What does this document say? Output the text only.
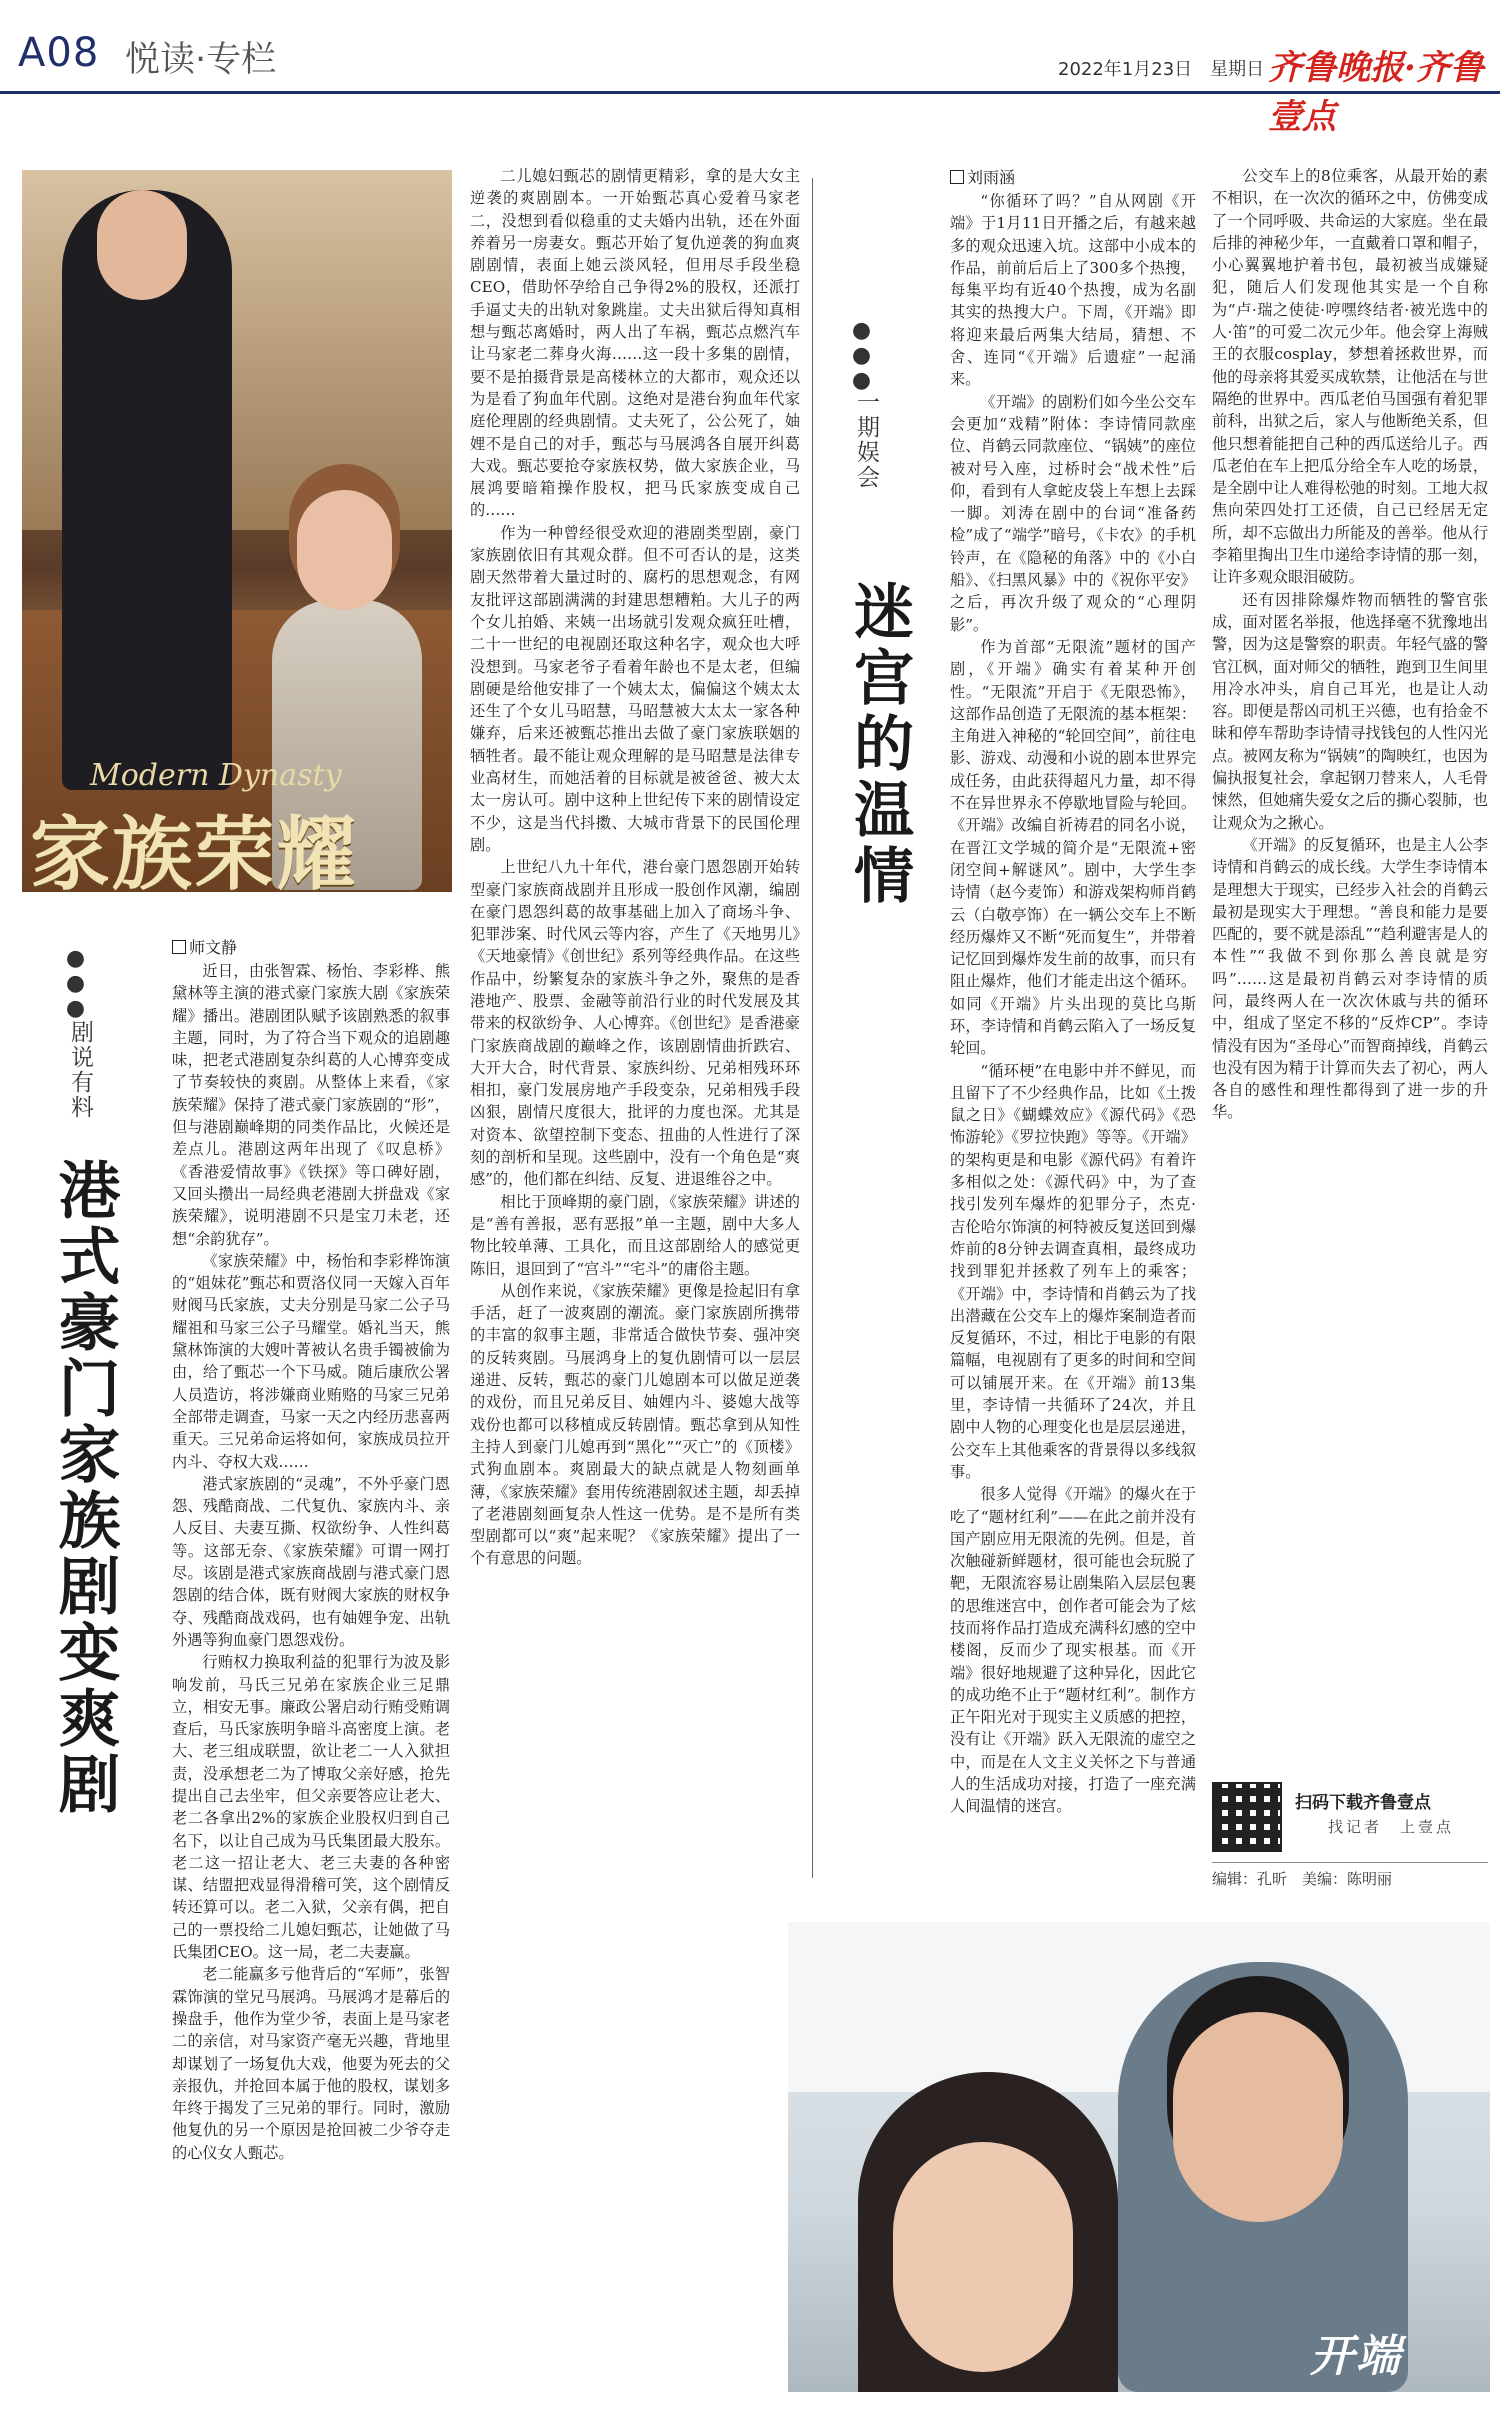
A08 悦读·专栏	2022年1月23日　星期日 齐鲁晚报·齐鲁壹点
Modern Dynasty
家族荣耀
●●●
剧说有料
港式豪门家族剧变爽剧
师文静

近日，由张智霖、杨怡、李彩桦、熊黛林等主演的港式豪门家族大剧《家族荣耀》播出。港剧团队赋予该剧熟悉的叙事主题，同时，为了符合当下观众的追剧趣味，把老式港剧复杂纠葛的人心博弈变成了节奏较快的爽剧。从整体上来看，《家族荣耀》保持了港式豪门家族剧的“形”，但与港剧巅峰期的同类作品比，火候还是差点儿。港剧这两年出现了《叹息桥》《香港爱情故事》《铁探》等口碑好剧，又回头攒出一局经典老港剧大拼盘戏《家族荣耀》，说明港剧不只是宝刀未老，还想“余韵犹存”。

《家族荣耀》中，杨怡和李彩桦饰演的“姐妹花”甄芯和贾洛仪同一天嫁入百年财阀马氏家族，丈夫分别是马家二公子马耀祖和马家三公子马耀堂。婚礼当天，熊黛林饰演的大嫂叶菁被认名贵手镯被偷为由，给了甄芯一个下马威。随后康欣公署人员造访，将涉嫌商业贿赂的马家三兄弟全部带走调查，马家一天之内经历悲喜两重天。三兄弟命运将如何，家族成员拉开内斗、夺权大戏……

港式家族剧的“灵魂”，不外乎豪门恩怨、残酷商战、二代复仇、家族内斗、亲人反目、夫妻互撕、权欲纷争、人性纠葛等。这部无奈、《家族荣耀》可谓一网打尽。该剧是港式家族商战剧与港式豪门恩怨剧的结合体，既有财阀大家族的财权争夺、残酷商战戏码，也有妯娌争宠、出轨外遇等狗血豪门恩怨戏份。

行贿权力换取利益的犯罪行为波及影响发前，马氏三兄弟在家族企业三足鼎立，相安无事。廉政公署启动行贿受贿调查后，马氏家族明争暗斗高密度上演。老大、老三组成联盟，欲让老二一人入狱担责，没承想老二为了博取父亲好感，抢先提出自己去坐牢，但父亲要答应让老大、老二各拿出2%的家族企业股权归到自己名下，以让自己成为马氏集团最大股东。老二这一招让老大、老三夫妻的各种密谋、结盟把戏显得滑稽可笑，这个剧情反转还算可以。老二入狱，父亲有偶，把自己的一票投给二儿媳妇甄芯，让她做了马氏集团CEO。这一局，老二夫妻赢。

老二能赢多亏他背后的“军师”，张智霖饰演的堂兄马展鸿。马展鸿才是幕后的操盘手，他作为堂少爷，表面上是马家老二的亲信，对马家资产毫无兴趣，背地里却谋划了一场复仇大戏，他要为死去的父亲报仇，并抢回本属于他的股权，谋划多年终于揭发了三兄弟的罪行。同时，激励他复仇的另一个原因是抢回被二少爷夺走的心仪女人甄芯。

二儿媳妇甄芯的剧情更精彩，拿的是大女主逆袭的爽剧剧本。一开始甄芯真心爱着马家老二，没想到看似稳重的丈夫婚内出轨，还在外面养着另一房妻女。甄芯开始了复仇逆袭的狗血爽剧剧情，表面上她云淡风轻，但用尽手段坐稳CEO，借助怀孕给自己争得2%的股权，还派打手逼丈夫的出轨对象跳崖。丈夫出狱后得知真相想与甄芯离婚时，两人出了车祸，甄芯点燃汽车让马家老二葬身火海……这一段十多集的剧情，要不是拍摄背景是高楼林立的大都市，观众还以为是看了狗血年代剧。这绝对是港台狗血年代家庭伦理剧的经典剧情。丈夫死了，公公死了，妯娌不是自己的对手，甄芯与马展鸿各自展开纠葛大戏。甄芯要抢夺家族权势，做大家族企业，马展鸿要暗箱操作股权，把马氏家族变成自己的……

作为一种曾经很受欢迎的港剧类型剧，豪门家族剧依旧有其观众群。但不可否认的是，这类剧天然带着大量过时的、腐朽的思想观念，有网友批评这部剧满满的封建思想糟粕。大儿子的两个女儿拍婚、来姨一出场就引发观众疯狂吐槽，二十一世纪的电视剧还取这种名字，观众也大呼没想到。马家老爷子看着年龄也不是太老，但编剧硬是给他安排了一个姨太太，偏偏这个姨太太还生了个女儿马昭慧，马昭慧被大太太一家各种嫌弃，后来还被甄芯推出去做了豪门家族联姻的牺牲者。最不能让观众理解的是马昭慧是法律专业高材生，而她活着的目标就是被爸爸、被大太太一房认可。剧中这种上世纪传下来的剧情设定不少，这是当代抖擞、大城市背景下的民国伦理剧。

上世纪八九十年代，港台豪门恩怨剧开始转型豪门家族商战剧并且形成一股创作风潮，编剧在豪门恩怨纠葛的故事基础上加入了商场斗争、犯罪涉案、时代风云等内容，产生了《天地男儿》《天地豪情》《创世纪》系列等经典作品。在这些作品中，纷繁复杂的家族斗争之外，聚焦的是香港地产、股票、金融等前沿行业的时代发展及其带来的权欲纷争、人心博弈。《创世纪》是香港豪门家族商战剧的巅峰之作，该剧剧情曲折跌宕、大开大合，时代背景、家族纠纷、兄弟相残环环相扣，豪门发展房地产手段变杂，兄弟相残手段凶狠，剧情尺度很大，批评的力度也深。尤其是对资本、欲望控制下变态、扭曲的人性进行了深刻的剖析和呈现。这些剧中，没有一个角色是“爽感”的，他们都在纠结、反复、进退维谷之中。

相比于顶峰期的豪门剧，《家族荣耀》讲述的是“善有善报，恶有恶报”单一主题，剧中大多人物比较单薄、工具化，而且这部剧给人的感觉更陈旧，退回到了“宫斗”“宅斗”的庸俗主题。

从创作来说，《家族荣耀》更像是捡起旧有拿手活，赶了一波爽剧的潮流。豪门家族剧所携带的丰富的叙事主题，非常适合做快节奏、强冲突的反转爽剧。马展鸿身上的复仇剧情可以一层层递进、反转，甄芯的豪门儿媳剧本可以做足逆袭的戏份，而且兄弟反目、妯娌内斗、婆媳大战等戏份也都可以移植成反转剧情。甄芯拿到从知性主持人到豪门儿媳再到“黑化”“灭亡”的《顶楼》式狗血剧本。爽剧最大的缺点就是人物刻画单薄，《家族荣耀》套用传统港剧叙述主题，却丢掉了老港剧刻画复杂人性这一优势。是不是所有类型剧都可以“爽”起来呢？《家族荣耀》提出了一个有意思的问题。

刘雨涵
●●●
一期娱会
迷宫的温情

“你循环了吗？”自从网剧《开端》于1月11日开播之后，有越来越多的观众迅速入坑。这部中小成本的作品，前前后后上了300多个热搜，每集平均有近40个热搜，成为名副其实的热搜大户。下周，《开端》即将迎来最后两集大结局，猜想、不舍、连同“《开端》后遗症”一起涌来。

《开端》的剧粉们如今坐公交车会更加“戏精”附体：李诗情同款座位、肖鹤云同款座位、“锅姨”的座位被对号入座，过桥时会“战术性”后仰，看到有人拿蛇皮袋上车想上去踩一脚。刘涛在剧中的台词“准备药检”成了“端学”暗号，《卡农》的手机铃声，在《隐秘的角落》中的《小白船》、《扫黑风暴》中的《祝你平安》之后，再次升级了观众的“心理阴影”。

作为首部“无限流”题材的国产剧，《开端》确实有着某种开创性。“无限流”开启于《无限恐怖》，这部作品创造了无限流的基本框架：主角进入神秘的“轮回空间”，前往电影、游戏、动漫和小说的剧本世界完成任务，由此获得超凡力量，却不得不在异世界永不停歇地冒险与轮回。《开端》改编自祈祷君的同名小说，在晋江文学城的简介是“无限流+密闭空间+解谜风”。剧中，大学生李诗情（赵今麦饰）和游戏架构师肖鹤云（白敬亭饰）在一辆公交车上不断经历爆炸又不断“死而复生”，并带着记忆回到爆炸发生前的故事，而只有阻止爆炸，他们才能走出这个循环。如同《开端》片头出现的莫比乌斯环，李诗情和肖鹤云陷入了一场反复轮回。

“循环梗”在电影中并不鲜见，而且留下了不少经典作品，比如《土拨鼠之日》《蝴蝶效应》《源代码》《恐怖游轮》《罗拉快跑》等等。《开端》的架构更是和电影《源代码》有着许多相似之处：《源代码》中，为了查找引发列车爆炸的犯罪分子，杰克·吉伦哈尔饰演的柯特被反复送回到爆炸前的8分钟去调查真相，最终成功找到罪犯并拯救了列车上的乘客；《开端》中，李诗情和肖鹤云为了找出潜藏在公交车上的爆炸案制造者而反复循环，不过，相比于电影的有限篇幅，电视剧有了更多的时间和空间可以铺展开来。在《开端》前13集里，李诗情一共循环了24次，并且剧中人物的心理变化也是层层递进，公交车上其他乘客的背景得以多线叙事。

很多人觉得《开端》的爆火在于吃了“题材红利”——在此之前并没有国产剧应用无限流的先例。但是，首次触碰新鲜题材，很可能也会玩脱了靶，无限流容易让剧集陷入层层包裹的思维迷宫中，创作者可能会为了炫技而将作品打造成充满科幻感的空中楼阁，反而少了现实根基。而《开端》很好地规避了这种异化，因此它的成功绝不止于“题材红利”。制作方正午阳光对于现实主义质感的把控，没有让《开端》跃入无限流的虚空之中，而是在人文主义关怀之下与普通人的生活成功对接，打造了一座充满人间温情的迷宫。

公交车上的8位乘客，从最开始的素不相识，在一次次的循环之中，仿佛变成了一个同呼吸、共命运的大家庭。坐在最后排的神秘少年，一直戴着口罩和帽子，小心翼翼地护着书包，最初被当成嫌疑犯，随后人们发现他其实是一个自称为“卢·瑞之使徒·哼嘿终结者·被光选中的人·笛”的可爱二次元少年。他会穿上海贼王的衣服cosplay，梦想着拯救世界，而他的母亲将其爱买成软禁，让他活在与世隔绝的世界中。西瓜老伯马国强有着犯罪前科，出狱之后，家人与他断绝关系，但他只想着能把自己种的西瓜送给儿子。西瓜老伯在车上把瓜分给全车人吃的场景，是全剧中让人难得松弛的时刻。工地大叔焦向荣四处打工还债，自己已经居无定所，却不忘做出力所能及的善举。他从行李箱里掏出卫生巾递给李诗情的那一刻，让许多观众眼泪破防。

还有因排除爆炸物而牺牲的警官张成，面对匿名举报，他选择毫不犹豫地出警，因为这是警察的职责。年轻气盛的警官江枫，面对师父的牺牲，跑到卫生间里用冷水冲头，肩自己耳光，也是让人动容。即便是帮凶司机王兴德，也有拾金不昧和停车帮助李诗情寻找钱包的人性闪光点。被网友称为“锅姨”的陶映红，也因为偏执报复社会，拿起钢刀替来人，人毛骨悚然，但她痛失爱女之后的撕心裂肺，也让观众为之揪心。

《开端》的反复循环，也是主人公李诗情和肖鹤云的成长线。大学生李诗情本是理想大于现实，已经步入社会的肖鹤云最初是现实大于理想。“善良和能力是要匹配的，要不就是添乱”“趋利避害是人的本性”“我做不到你那么善良就是穷吗”……这是最初肖鹤云对李诗情的质问，最终两人在一次次休戚与共的循环中，组成了坚定不移的“反炸CP”。李诗情没有因为“圣母心”而智商掉线，肖鹤云也没有因为精于计算而失去了初心，两人各自的感性和理性都得到了进一步的升华。

扫码下载齐鲁壹点
找记者　上壹点
编辑：孔昕　美编：陈明丽
开端
